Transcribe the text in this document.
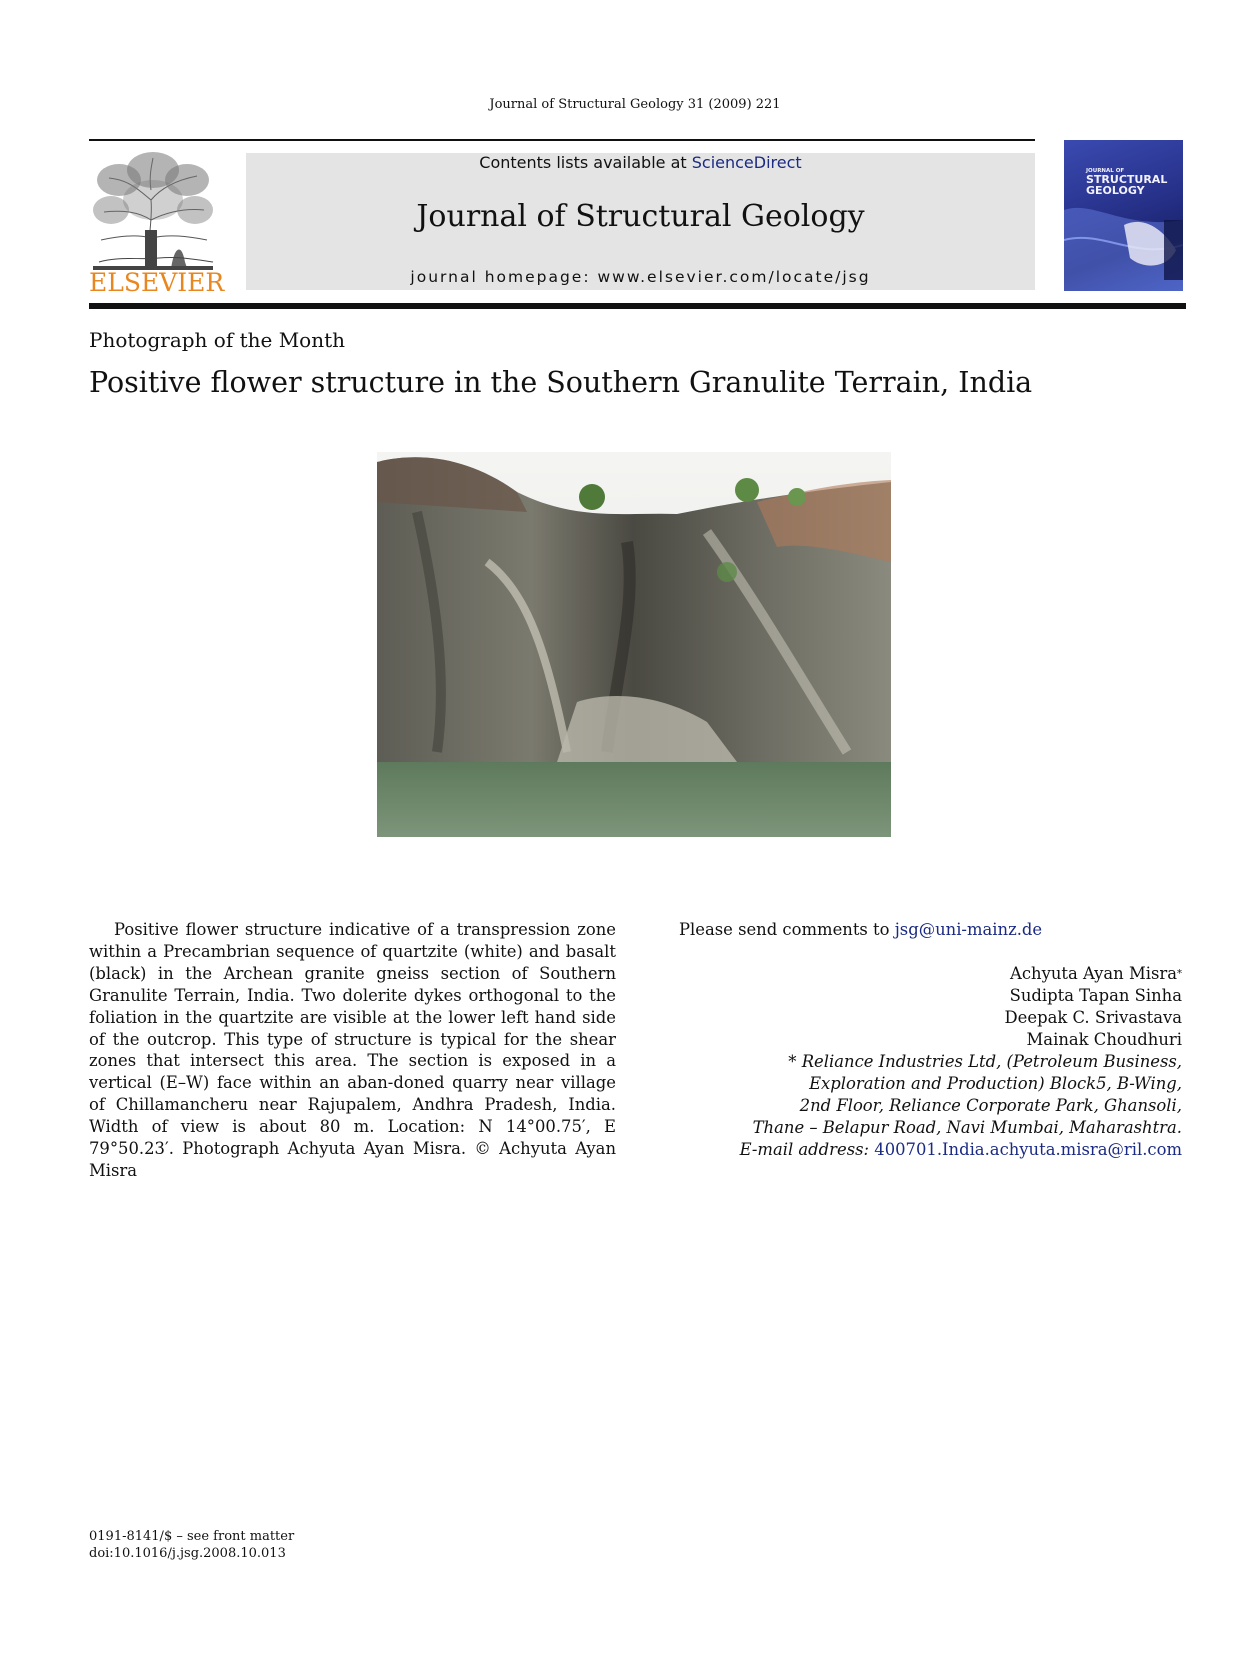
Journal of Structural Geology 31 (2009) 221
ELSEVIER
Contents lists available at ScienceDirect
Journal of Structural Geology
journal homepage: www.elsevier.com/locate/jsg
JOURNAL OF
STRUCTURAL
GEOLOGY
Photograph of the Month
Positive flower structure in the Southern Granulite Terrain, India

Positive flower structure indicative of a transpression zone within a Precambrian sequence of quartzite (white) and basalt (black) in the Archean granite gneiss section of Southern Granulite Terrain, India. Two dolerite dykes orthogonal to the foliation in the quartzite are visible at the lower left hand side of the outcrop. This type of structure is typical for the shear zones that intersect this area. The section is exposed in a vertical (E–W) face within an aban-doned quarry near village of Chillamancheru near Rajupalem, Andhra Pradesh, India. Width of view is about 80 m. Location: N 14°00.75′, E 79°50.23′. Photograph Achyuta Ayan Misra. © Achyuta Ayan Misra

Please send comments to jsg@uni-mainz.de
Achyuta Ayan Misra*
Sudipta Tapan Sinha
Deepak C. Srivastava
Mainak Choudhuri
* Reliance Industries Ltd, (Petroleum Business,
Exploration and Production) Block5, B-Wing,
2nd Floor, Reliance Corporate Park, Ghansoli,
Thane – Belapur Road, Navi Mumbai, Maharashtra.
E-mail address: 400701.India.achyuta.misra@ril.com
0191-8141/$ – see front matter
doi:10.1016/j.jsg.2008.10.013
